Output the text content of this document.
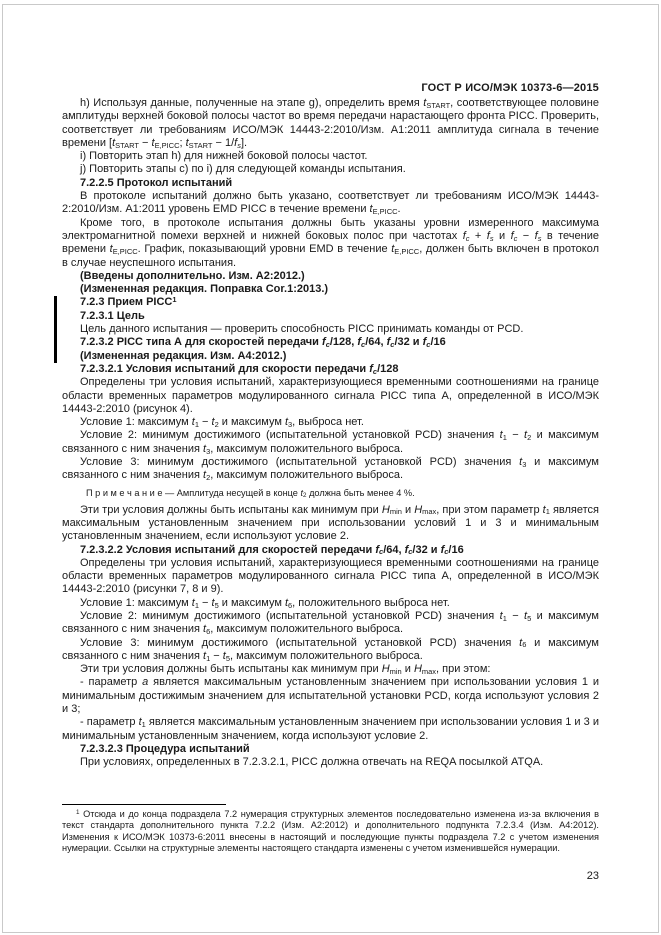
ГОСТ Р ИСО/МЭК 10373-6—2015

h) Используя данные, полученные на этапе g), определить время tSTART, соответствующее половине амплитуды верхней боковой полосы частот во время передачи нарастающего фронта PICC. Проверить, соответствует ли требованиям ИСО/МЭК 14443-2:2010/Изм. А1:2011 амплитуда сигнала в течение времени [tSTART − tE,PICC; tSTART − 1/fs].

i) Повторить этап h) для нижней боковой полосы частот.

j) Повторить этапы c) по i) для следующей команды испытания.

7.2.2.5 Протокол испытаний

В протоколе испытаний должно быть указано, соответствует ли требованиям ИСО/МЭК 14443-2:2010/Изм. А1:2011 уровень EMD PICC в течение времени tE,PICC.

Кроме того, в протоколе испытания должны быть указаны уровни измеренного максимума электромагнитной помехи верхней и нижней боковых полос при частотах fc + fs и fc − fs в течение времени tE,PICC. График, показывающий уровни EMD в течение tE,PICC, должен быть включен в протокол в случае неуспешного испытания.

(Введены дополнительно. Изм. А2:2012.)

(Измененная редакция. Поправка Cor.1:2013.)

7.2.3 Прием PICC$^1$

7.2.3.1 Цель

Цель данного испытания — проверить способность PICC принимать команды от PCD.

7.2.3.2 PICC типа А для скоростей передачи fc/128, fc/64, fc/32 и fc/16

(Измененная редакция. Изм. А4:2012.)

7.2.3.2.1 Условия испытаний для скорости передачи fc/128

Определены три условия испытаний, характеризующиеся временными соотношениями на границе области временных параметров модулированного сигнала PICC типа А, определенной в ИСО/МЭК 14443-2:2010 (рисунок 4).

Условие 1: максимум t1 − t2 и максимум t3, выброса нет.

Условие 2: минимум достижимого (испытательной установкой PCD) значения t1 − t2 и максимум связанного с ним значения t3, максимум положительного выброса.

Условие 3: минимум достижимого (испытательной установкой PCD) значения t3 и максимум связанного с ним значения t2, максимум положительного выброса.

П р и м е ч а н и е — Амплитуда несущей в конце t2 должна быть менее 4 %.

Эти три условия должны быть испытаны как минимум при Hmin и Hmax, при этом параметр t1 является максимальным установленным значением при использовании условий 1 и 3 и минимальным установленным значением, если используют условие 2.

7.2.3.2.2 Условия испытаний для скоростей передачи fc/64, fc/32 и fc/16

Определены три условия испытаний, характеризующиеся временными соотношениями на границе области временных параметров модулированного сигнала PICC типа А, определенной в ИСО/МЭК 14443-2:2010 (рисунки 7, 8 и 9).

Условие 1: максимум t1 − t5 и максимум t6, положительного выброса нет.

Условие 2: минимум достижимого (испытательной установкой PCD) значения t1 − t5 и максимум связанного с ним значения t6, максимум положительного выброса.

Условие 3: минимум достижимого (испытательной установкой PCD) значения t6 и максимум связанного с ним значения t1 − t5, максимум положительного выброса.

Эти три условия должны быть испытаны как минимум при Hmin и Hmax, при этом:

- параметр a является максимальным установленным значением при использовании условия 1 и минимальным достижимым значением для испытательной установки PCD, когда используют условия 2 и 3;

- параметр t1 является максимальным установленным значением при использовании условия 1 и 3 и минимальным установленным значением, когда используют условие 2.

7.2.3.2.3 Процедура испытаний

При условиях, определенных в 7.2.3.2.1, PICC должна отвечать на REQA посылкой ATQA.

$^1$ Отсюда и до конца подраздела 7.2 нумерация структурных элементов последовательно изменена из-за включения в текст стандарта дополнительного пункта 7.2.2 (Изм. А2:2012) и дополнительного подпункта 7.2.3.4 (Изм. А4:2012). Изменения к ИСО/МЭК 10373-6:2011 внесены в настоящий и последующие пункты подраздела 7.2 с учетом изменения нумерации. Ссылки на структурные элементы настоящего стандарта изменены с учетом изменившейся нумерации.

23
